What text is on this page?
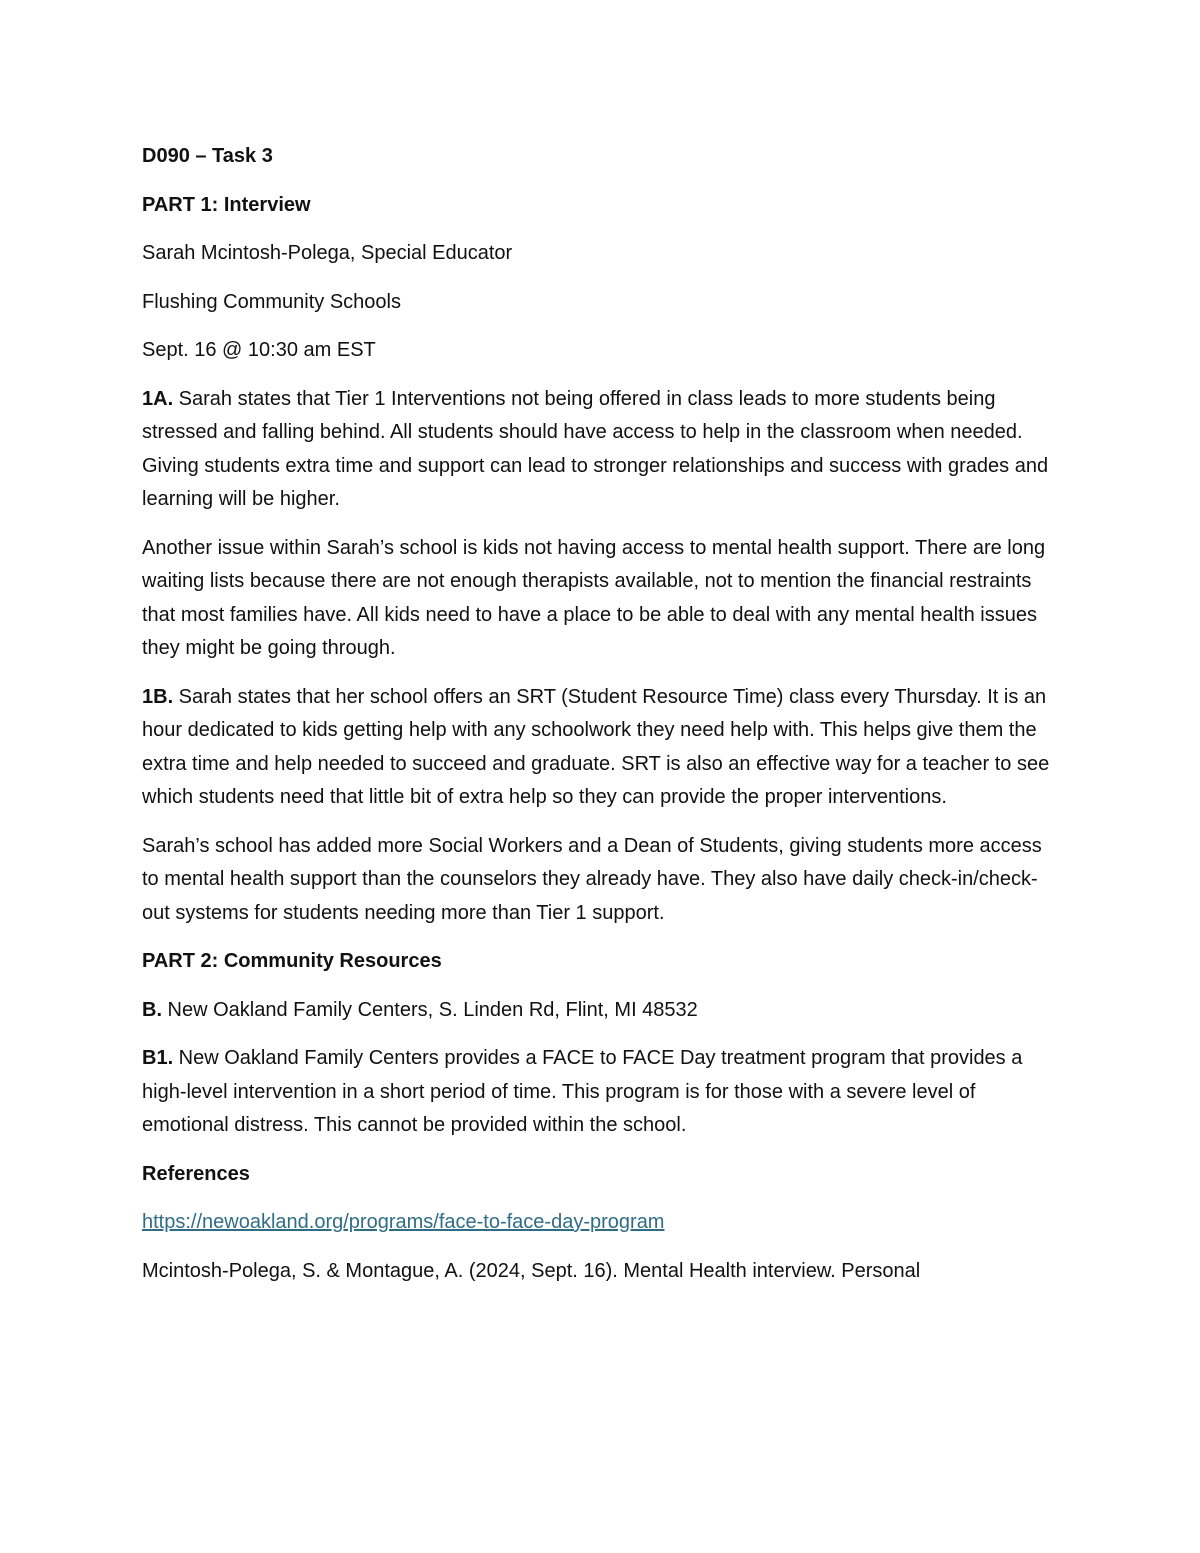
D090 – Task 3

PART 1: Interview

Sarah Mcintosh-Polega, Special Educator

Flushing Community Schools

Sept. 16 @ 10:30 am EST

1A. Sarah states that Tier 1 Interventions not being offered in class leads to more students being stressed and falling behind. All students should have access to help in the classroom when needed. Giving students extra time and support can lead to stronger relationships and success with grades and learning will be higher.

Another issue within Sarah’s school is kids not having access to mental health support. There are long waiting lists because there are not enough therapists available, not to mention the financial restraints that most families have. All kids need to have a place to be able to deal with any mental health issues they might be going through.

1B. Sarah states that her school offers an SRT (Student Resource Time) class every Thursday. It is an hour dedicated to kids getting help with any schoolwork they need help with. This helps give them the extra time and help needed to succeed and graduate. SRT is also an effective way for a teacher to see which students need that little bit of extra help so they can provide the proper interventions.

Sarah’s school has added more Social Workers and a Dean of Students, giving students more access to mental health support than the counselors they already have. They also have daily check-in/check-out systems for students needing more than Tier 1 support.

PART 2: Community Resources

B. New Oakland Family Centers, S. Linden Rd, Flint, MI 48532

B1. New Oakland Family Centers provides a FACE to FACE Day treatment program that provides a high-level intervention in a short period of time. This program is for those with a severe level of emotional distress. This cannot be provided within the school.

References

https://newoakland.org/programs/face-to-face-day-program

Mcintosh-Polega, S. & Montague, A. (2024, Sept. 16). Mental Health interview. Personal
